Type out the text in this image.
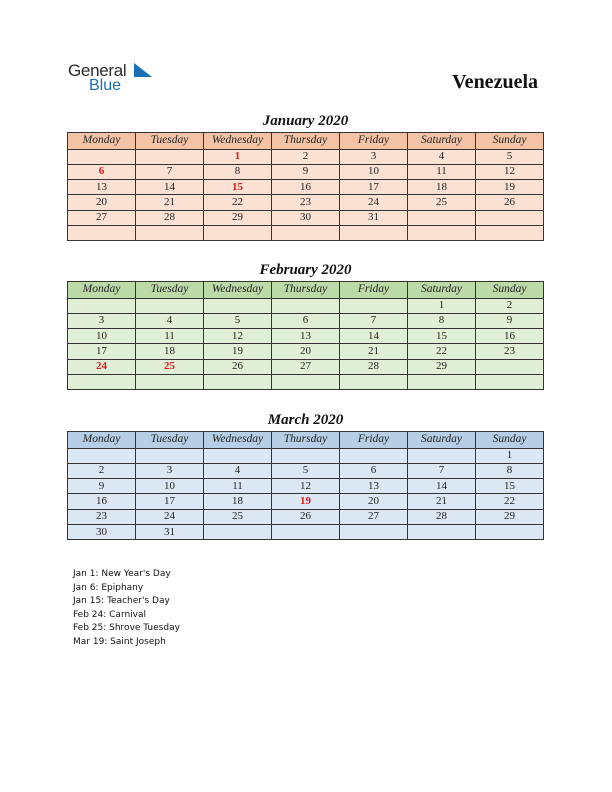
General
Blue	Venezuela
January 2020
Monday	Tuesday	Wednesday	Thursday	Friday	Saturday	Sunday
		1	2	3	4	5
6	7	8	9	10	11	12
13	14	15	16	17	18	19
20	21	22	23	24	25	26
27	28	29	30	31		

February 2020
Monday	Tuesday	Wednesday	Thursday	Friday	Saturday	Sunday
					1	2
3	4	5	6	7	8	9
10	11	12	13	14	15	16
17	18	19	20	21	22	23
24	25	26	27	28	29	

March 2020
Monday	Tuesday	Wednesday	Thursday	Friday	Saturday	Sunday
						1
2	3	4	5	6	7	8
9	10	11	12	13	14	15
16	17	18	19	20	21	22
23	24	25	26	27	28	29
30	31					
Jan 1: New Year's Day
Jan 6: Epiphany
Jan 15: Teacher's Day
Feb 24: Carnival
Feb 25: Shrove Tuesday
Mar 19: Saint Joseph
